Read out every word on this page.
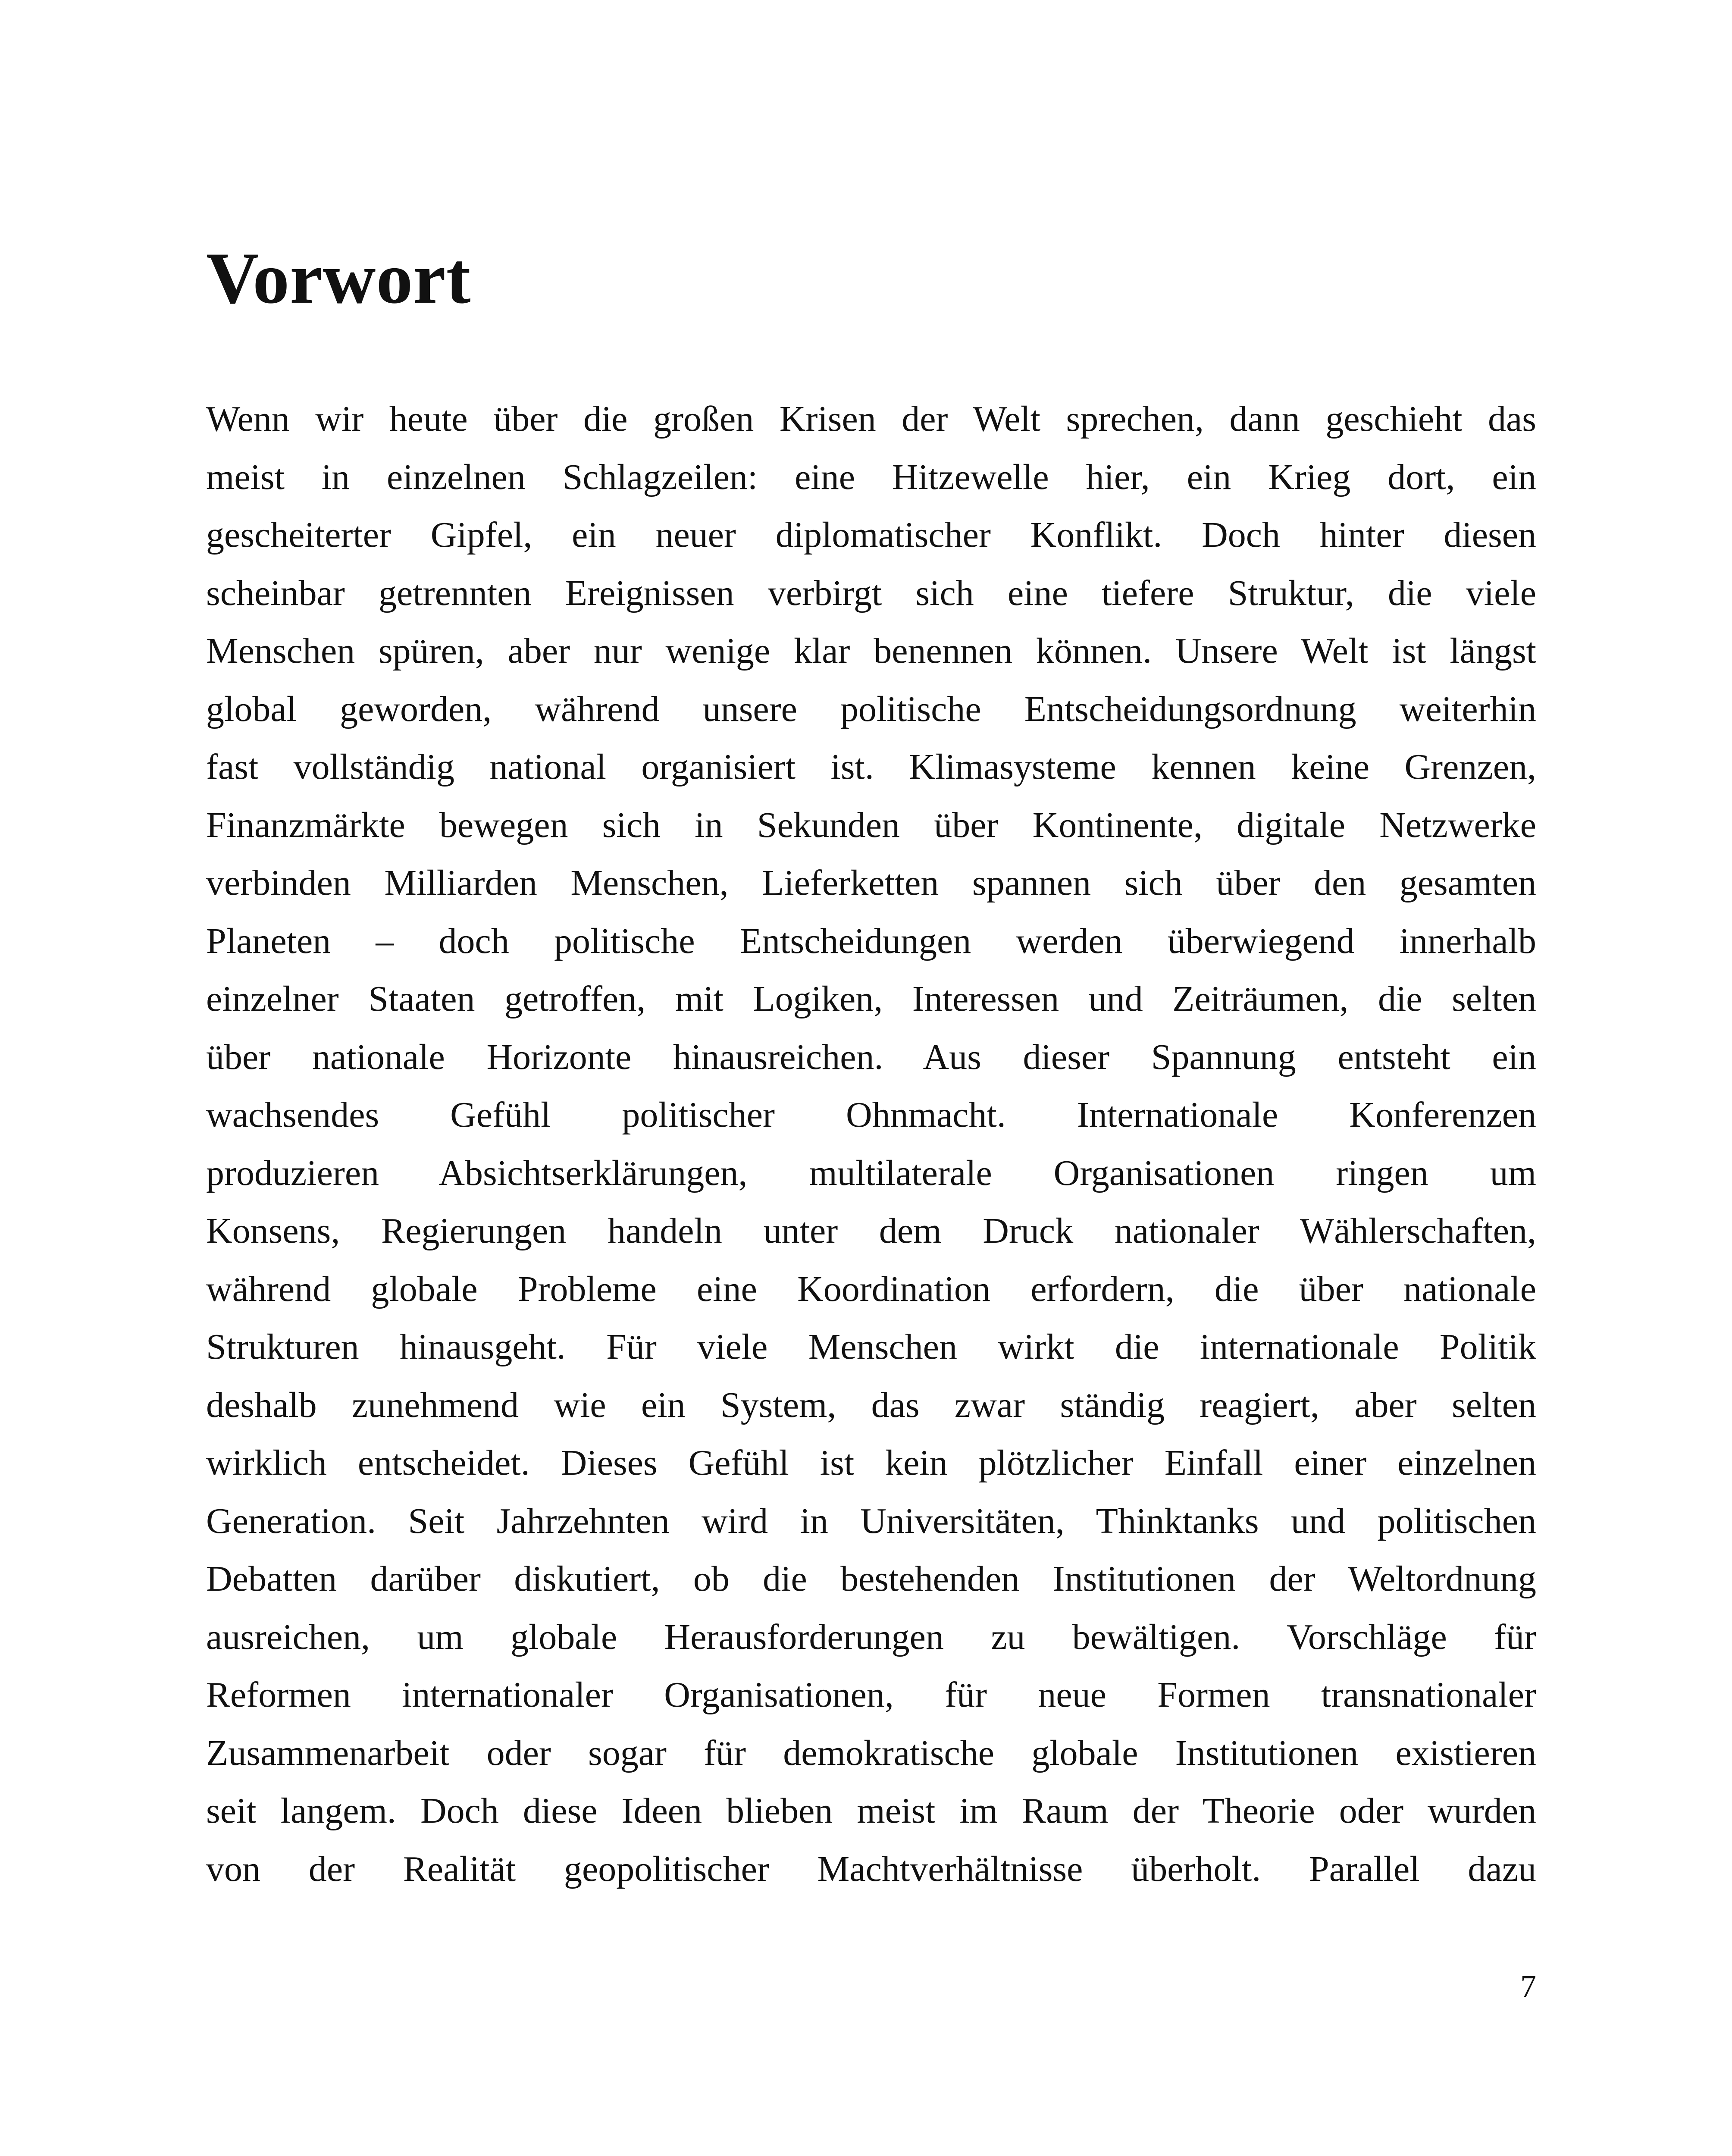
Vorwort
Wenn wir heute über die großen Krisen der Welt sprechen, dann geschieht das
meist in einzelnen Schlagzeilen: eine Hitzewelle hier, ein Krieg dort, ein
gescheiterter Gipfel, ein neuer diplomatischer Konflikt. Doch hinter diesen
scheinbar getrennten Ereignissen verbirgt sich eine tiefere Struktur, die viele
Menschen spüren, aber nur wenige klar benennen können. Unsere Welt ist längst
global geworden, während unsere politische Entscheidungsordnung weiterhin
fast vollständig national organisiert ist. Klimasysteme kennen keine Grenzen,
Finanzmärkte bewegen sich in Sekunden über Kontinente, digitale Netzwerke
verbinden Milliarden Menschen, Lieferketten spannen sich über den gesamten
Planeten – doch politische Entscheidungen werden überwiegend innerhalb
einzelner Staaten getroffen, mit Logiken, Interessen und Zeiträumen, die selten
über nationale Horizonte hinausreichen. Aus dieser Spannung entsteht ein
wachsendes Gefühl politischer Ohnmacht. Internationale Konferenzen
produzieren Absichtserklärungen, multilaterale Organisationen ringen um
Konsens, Regierungen handeln unter dem Druck nationaler Wählerschaften,
während globale Probleme eine Koordination erfordern, die über nationale
Strukturen hinausgeht. Für viele Menschen wirkt die internationale Politik
deshalb zunehmend wie ein System, das zwar ständig reagiert, aber selten
wirklich entscheidet. Dieses Gefühl ist kein plötzlicher Einfall einer einzelnen
Generation. Seit Jahrzehnten wird in Universitäten, Thinktanks und politischen
Debatten darüber diskutiert, ob die bestehenden Institutionen der Weltordnung
ausreichen, um globale Herausforderungen zu bewältigen. Vorschläge für
Reformen internationaler Organisationen, für neue Formen transnationaler
Zusammenarbeit oder sogar für demokratische globale Institutionen existieren
seit langem. Doch diese Ideen blieben meist im Raum der Theorie oder wurden
von der Realität geopolitischer Machtverhältnisse überholt. Parallel dazu
7
